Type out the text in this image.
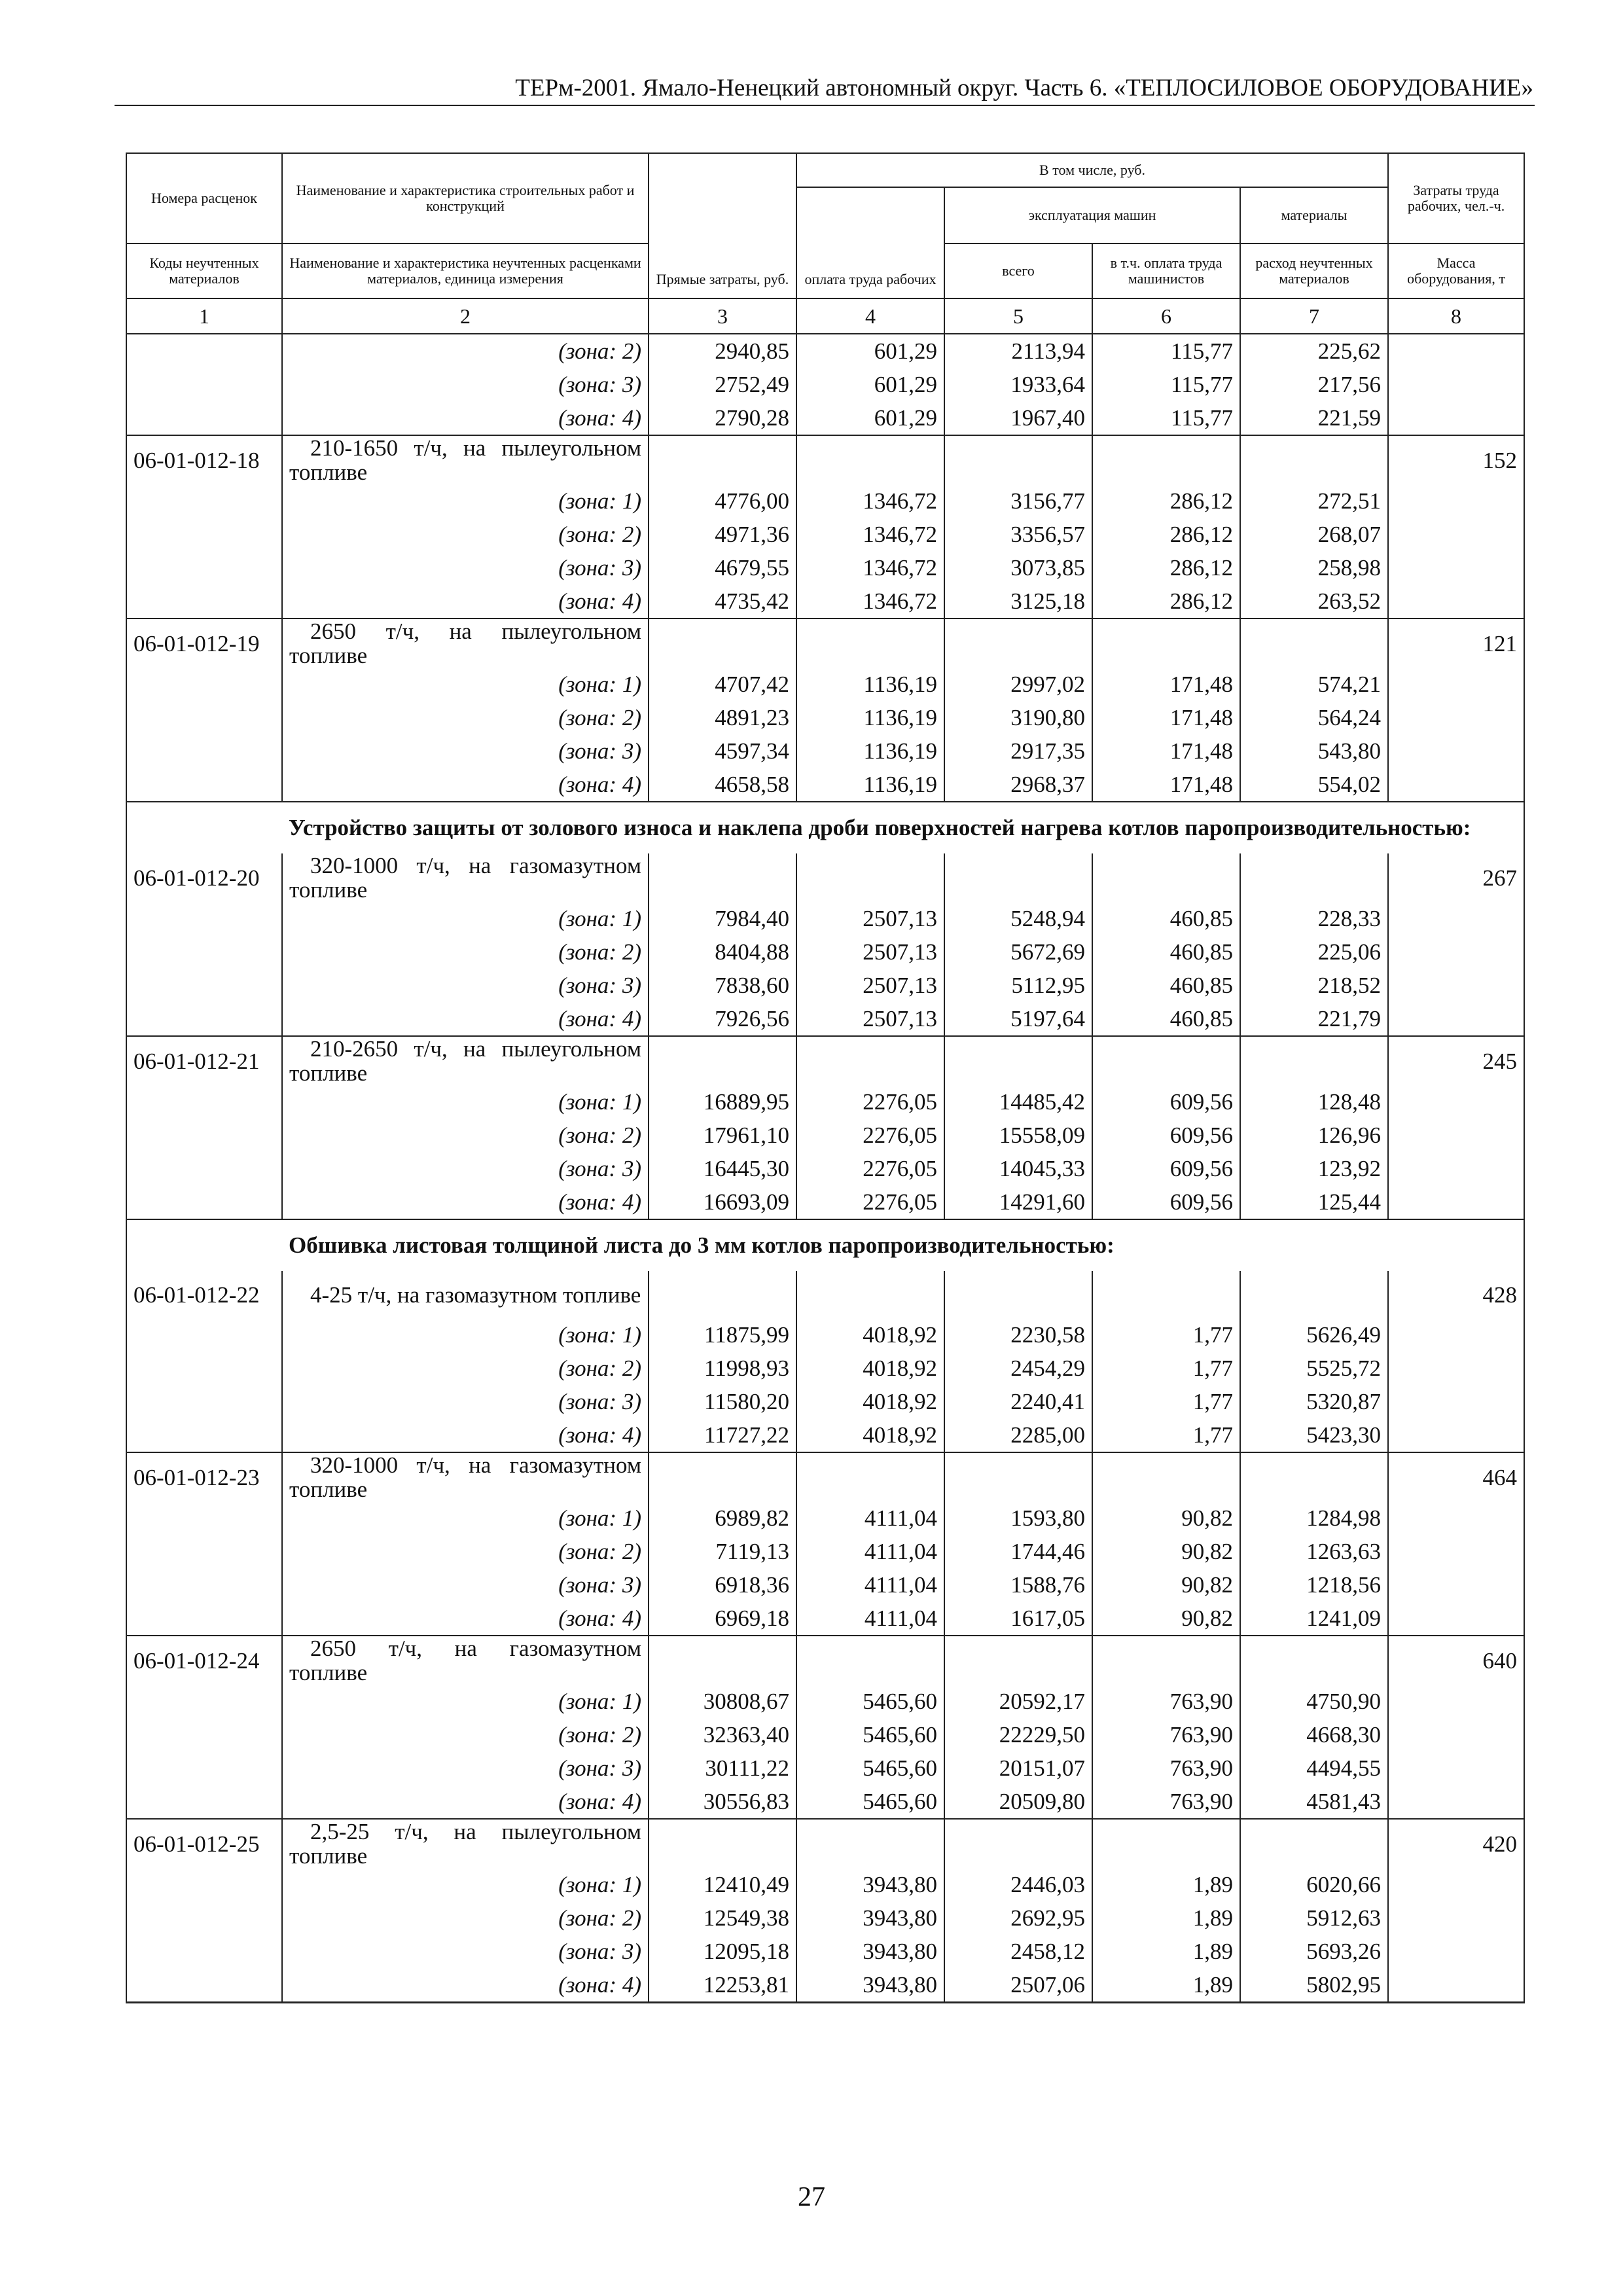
ТЕРм-2001. Ямало-Ненецкий автономный округ. Часть 6. «ТЕПЛОСИЛОВОЕ ОБОРУДОВАНИЕ»
Номера расценок	Наименование и характеристика строительных работ и конструкций	Прямые затраты, руб.	В том числе, руб.				Затраты труда рабочих, чел.-ч.
			оплата труда рабочих	эксплуатация машин		материалы	
Коды неучтенных материалов	Наименование и характеристика неучтенных расценками материалов, единица измерения			всего	в т.ч. оплата труда машинистов	расход неучтенных материалов	Масса оборудования, т
1	2	3	4	5	6	7	8
	(зона: 2)	2940,85	601,29	2113,94	115,77	225,62	
	(зона: 3)	2752,49	601,29	1933,64	115,77	217,56	
	(зона: 4)	2790,28	601,29	1967,40	115,77	221,59	
06-01-012-18	210-1650 т/ч, на пылеугольном топливе						152
	(зона: 1)	4776,00	1346,72	3156,77	286,12	272,51	
	(зона: 2)	4971,36	1346,72	3356,57	286,12	268,07	
	(зона: 3)	4679,55	1346,72	3073,85	286,12	258,98	
	(зона: 4)	4735,42	1346,72	3125,18	286,12	263,52	
06-01-012-19	2650 т/ч, на пылеугольном топливе						121
	(зона: 1)	4707,42	1136,19	2997,02	171,48	574,21	
	(зона: 2)	4891,23	1136,19	3190,80	171,48	564,24	
	(зона: 3)	4597,34	1136,19	2917,35	171,48	543,80	
	(зона: 4)	4658,58	1136,19	2968,37	171,48	554,02	
	Устройство защиты от золового износа и наклепа дроби поверхностей нагрева котлов паропроизводительностью:						
06-01-012-20	320-1000 т/ч, на газомазутном топливе						267
	(зона: 1)	7984,40	2507,13	5248,94	460,85	228,33	
	(зона: 2)	8404,88	2507,13	5672,69	460,85	225,06	
	(зона: 3)	7838,60	2507,13	5112,95	460,85	218,52	
	(зона: 4)	7926,56	2507,13	5197,64	460,85	221,79	
06-01-012-21	210-2650 т/ч, на пылеугольном топливе						245
	(зона: 1)	16889,95	2276,05	14485,42	609,56	128,48	
	(зона: 2)	17961,10	2276,05	15558,09	609,56	126,96	
	(зона: 3)	16445,30	2276,05	14045,33	609,56	123,92	
	(зона: 4)	16693,09	2276,05	14291,60	609,56	125,44	
	Обшивка листовая толщиной листа до 3 мм котлов паропроизводительностью:						
06-01-012-22	4-25 т/ч, на газомазутном топливе						428
	(зона: 1)	11875,99	4018,92	2230,58	1,77	5626,49	
	(зона: 2)	11998,93	4018,92	2454,29	1,77	5525,72	
	(зона: 3)	11580,20	4018,92	2240,41	1,77	5320,87	
	(зона: 4)	11727,22	4018,92	2285,00	1,77	5423,30	
06-01-012-23	320-1000 т/ч, на газомазутном топливе						464
	(зона: 1)	6989,82	4111,04	1593,80	90,82	1284,98	
	(зона: 2)	7119,13	4111,04	1744,46	90,82	1263,63	
	(зона: 3)	6918,36	4111,04	1588,76	90,82	1218,56	
	(зона: 4)	6969,18	4111,04	1617,05	90,82	1241,09	
06-01-012-24	2650 т/ч, на газомазутном топливе						640
	(зона: 1)	30808,67	5465,60	20592,17	763,90	4750,90	
	(зона: 2)	32363,40	5465,60	22229,50	763,90	4668,30	
	(зона: 3)	30111,22	5465,60	20151,07	763,90	4494,55	
	(зона: 4)	30556,83	5465,60	20509,80	763,90	4581,43	
06-01-012-25	2,5-25 т/ч, на пылеугольном топливе						420
	(зона: 1)	12410,49	3943,80	2446,03	1,89	6020,66	
	(зона: 2)	12549,38	3943,80	2692,95	1,89	5912,63	
	(зона: 3)	12095,18	3943,80	2458,12	1,89	5693,26	
	(зона: 4)	12253,81	3943,80	2507,06	1,89	5802,95	
27
